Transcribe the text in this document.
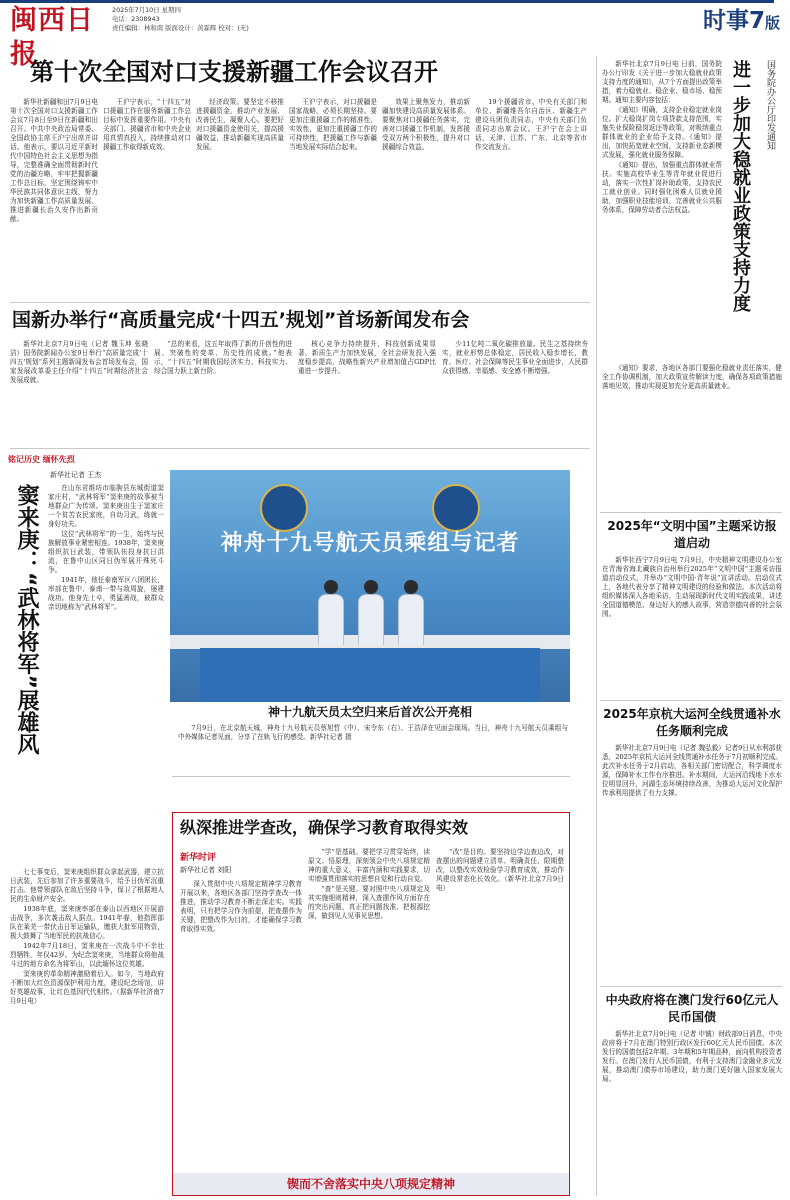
闽西日报
2025年7月10日 星期四
电话：2308943
责任编辑：林和南 版面设计：黄霖辉 校对：(无)	时事7版
第十次全国对口支援新疆工作会议召开

新华社新疆和田7月9日电 第十次全国对口支援新疆工作会议7月8日至9日在新疆和田召开。中共中央政治局常委、全国政协主席王沪宁出席并讲话。他表示，要以习近平新时代中国特色社会主义思想为指导，完整准确全面贯彻新时代党的治疆方略，牢牢把握新疆工作总目标，坚定围绕铸牢中华民族共同体意识主线，努力为加快新疆工作高质量发展、推进新疆长治久安作出新贡献。

王沪宁表示，“十四五”对口援疆工作在服务新疆工作总目标中发挥重要作用。中央有关部门、援疆省市和中央企业用真情真投入，持续推动对口援疆工作取得新成效。

经济政策。要坚定不移推进援疆资金，推动产业发展、改善民生，凝聚人心。要把好对口援疆资金使用关，提高援疆效益，推动新疆实现高质量发展。

王沪宁表示，对口援疆是国家战略，必须长期坚持。要更加注重援疆工作的精准性、实效性，更加注重援疆工作的可持续性，把援疆工作与新疆当地发展实际结合起来。

效果上聚焦发力，推动新疆加快建设高质量发展体系。要聚焦对口援疆任务落实，完善对口援疆工作机制，发挥援受双方两个积极性，提升对口援疆综合效益。

19个援疆省市、中央有关部门和单位、新疆维吾尔自治区、新疆生产建设兵团负责同志，中央有关部门负责同志出席会议。王沪宁在会上讲话，天津、江苏、广东、北京等省市作交流发言。

国新办举行“高质量完成‘十四五’规划”首场新闻发布会

新华社北京7月9日电（记者 魏玉坤 张晓洁）国务院新闻办公室9日举行“高质量完成‘十四五’规划”系列主题新闻发布会首场发布会，国家发展改革委主任介绍“十四五”时期经济社会发展成就。

“总的来看，这五年取得了新的开创性的进展、突破性的变革、历史性的成就。”他表示，“十四五”时期我国经济实力、科技实力、综合国力跃上新台阶。

核心竞争力持续提升，科技创新成果显著，新质生产力加快发展，全社会研发投入强度稳步提高，战略性新兴产业增加值占GDP比重进一步提升。

少11亿吨二氧化碳排放量。民生之基持续夯实，就业形势总体稳定，居民收入稳步增长，教育、医疗、社会保障等民生事业全面进步，人民群众获得感、幸福感、安全感不断增强。

国务院办公厅印发通知
进一步加大稳就业政策支持力度

新华社北京7月9日电 日前，国务院办公厅印发《关于进一步加大稳就业政策支持力度的通知》，从7个方面提出政策举措，着力稳就业、稳企业、稳市场、稳预期。通知主要内容包括：

《通知》明确，支持企业稳定就业岗位。扩大稳岗扩岗专项贷款支持范围，实施失业保险稳岗返还等政策，对吸纳重点群体就业的企业给予支持。《通知》提出，加快拓宽就业空间，支持新业态新模式发展，强化就业服务保障。

《通知》提出，加强重点群体就业帮扶。实施高校毕业生等青年就业促进行动，落实一次性扩岗补助政策，支持农民工就业创业。同时强化困难人员就业援助，加强职业技能培训，完善就业公共服务体系，保障劳动者合法权益。

《通知》要求，各地区各部门要强化稳就业责任落实，健全工作协调机制，加大政策宣传解读力度，确保各项政策措施落地见效，推动实现更加充分更高质量就业。

2025年“文明中国”主题采访报道启动

新华社西宁7月9日电 7月9日，中央精神文明建设办公室在青海省海北藏族自治州举行2025年“文明中国”主题采访报道启动仪式，并举办“文明中国·青年说”宣讲活动。启动仪式上，各地代表分享了精神文明建设的经验和做法。本次活动将组织媒体深入各地采访，生动展现新时代文明实践成果，讲述全国道德模范、身边好人的感人故事，营造崇德向善的社会氛围。

2025年京杭大运河全线贯通补水任务顺利完成

新华社北京7月9日电（记者 魏弘毅）记者9日从水利部获悉，2025年京杭大运河全线贯通补水任务于7月初顺利完成。此次补水任务于2月启动，各相关部门密切配合，科学调度水源，保障补水工作有序推进。补水期间，大运河沿线地下水水位明显回升，河湖生态环境持续改善，为推动大运河文化保护传承利用提供了有力支撑。

中央政府将在澳门发行60亿元人民币国债

新华社北京7月9日电（记者 申铖）财政部9日消息，中央政府将于7月在澳门特别行政区发行60亿元人民币国债。本次发行的国债包括2年期、3年期和5年期品种，面向机构投资者发行。在澳门发行人民币国债，有利于支持澳门金融业多元发展，推动澳门债券市场建设，助力澳门更好融入国家发展大局。

神舟十九号航天员乘组与记者
神十九航天员太空归来后首次公开亮相

7月9日，在北京航天城，神舟十九号航天员蔡旭哲（中）、宋令东（右）、王浩泽在见面会现场。当日，神舟十九号航天员乘组与中外媒体记者见面，分享了在轨飞行的感受。新华社记者 摄

铭记历史 缅怀先烈
新华社记者 王杰
窦来庚：“武林将军”展雄风	在山东省维坊市临朐县东城街道窦家庄村，“武林将军”窦来庚的故事被当地群众广为传颂。窦来庚出生于窦家庄一个贫苦农民家庭，自幼习武，练就一身好功夫。

这位“武林将军”的一生，始终与民族解放事业紧密相连。1938年，窦来庚组织抗日武装，带领队伍投身抗日洪流，在鲁中山区同日伪军展开殊死斗争。

1941年，他任泰南军区八团团长，率部在鲁中、泰南一带与敌周旋，屡建战功。他身先士卒，勇猛善战，被群众亲切地称为“武林将军”。

七七事变后，窦来庚组织群众拿起武器，建立抗日武装，先后参加了许多重要战斗，给予日伪军沉重打击。他带领部队在敌后坚持斗争，保卫了根据地人民的生命财产安全。

1938年底，窦来庚率部在泰山以西地区开展游击战争，多次袭击敌人据点。1941年春，他指挥部队在莱芜一带伏击日军运输队，缴获大批军用物资，极大鼓舞了当地军民的抗战信心。

1942年7月18日，窦来庚在一次战斗中不幸壮烈牺牲，年仅42岁。为纪念窦来庚，当地群众将他战斗过的地方命名为将军山，以此缅怀这位英雄。

窦来庚的革命精神激励着后人。如今，当地政府不断加大红色资源保护利用力度，建设纪念场馆，讲好英雄故事，让红色基因代代相传。（据新华社济南7月9日电）

锲而不舍落实中央八项规定精神
纵深推进学查改，确保学习教育取得实效
新华时评
新华社记者 刘阳

深入贯彻中央八项规定精神学习教育开展以来，各地区各部门坚持学查改一体推进，推动学习教育不断走深走实。实践表明，只有把学习作为前提，把查摆作为关键，把整改作为目的，才能确保学习教育取得实效。

“学”是基础。要把学习贯穿始终，读原文、悟原理，深刻领会中央八项规定精神的重大意义、丰富内涵和实践要求，切实增强贯彻落实的思想自觉和行动自觉。

“查”是关键。要对照中央八项规定及其实施细则精神，深入查摆作风方面存在的突出问题，真正把问题找准、把根源挖深，做到见人见事见思想。

“改”是目的。要坚持边学边查边改，对查摆出的问题建立清单、明确责任、限期整改，以整改实效检验学习教育成效，推动作风建设常态化长效化。（新华社北京7月9日电）
